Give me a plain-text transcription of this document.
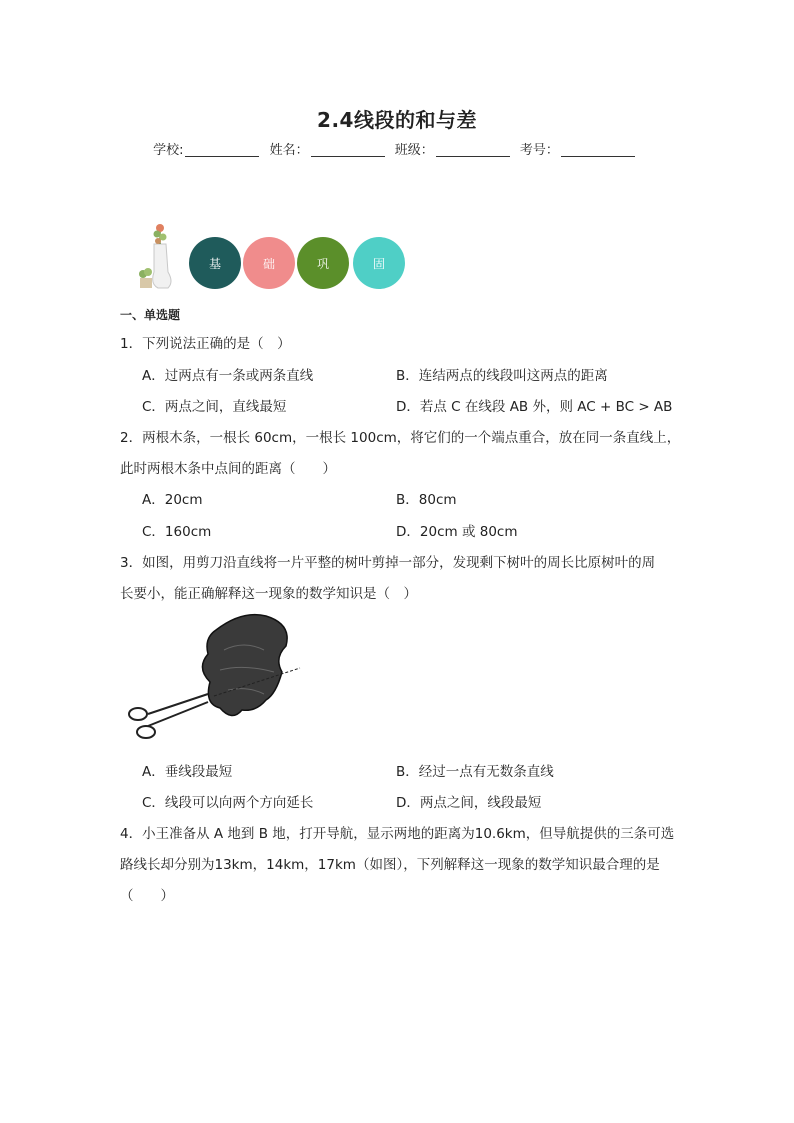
2.4线段的和与差
学校:	姓名：	班级：	考号：
基	础	巩	固
一、单选题
1．下列说法正确的是（　）
A．过两点有一条或两条直线	B．连结两点的线段叫这两点的距离
C．两点之间，直线最短	D．若点 C 在线段 AB 外，则 AC + BC > AB
2．两根木条，一根长 60cm，一根长 100cm，将它们的一个端点重合，放在同一条直线上，
此时两根木条中点间的距离（　　）
A．20cm	B．80cm
C．160cm	D．20cm 或 80cm
3．如图，用剪刀沿直线将一片平整的树叶剪掉一部分，发现剩下树叶的周长比原树叶的周
长要小，能正确解释这一现象的数学知识是（　）
A．垂线段最短	B．经过一点有无数条直线
C．线段可以向两个方向延长	D．两点之间，线段最短
4．小王准备从 A 地到 B 地，打开导航，显示两地的距离为10.6km，但导航提供的三条可选
路线长却分别为13km，14km，17km（如图），下列解释这一现象的数学知识最合理的是
（　　）
